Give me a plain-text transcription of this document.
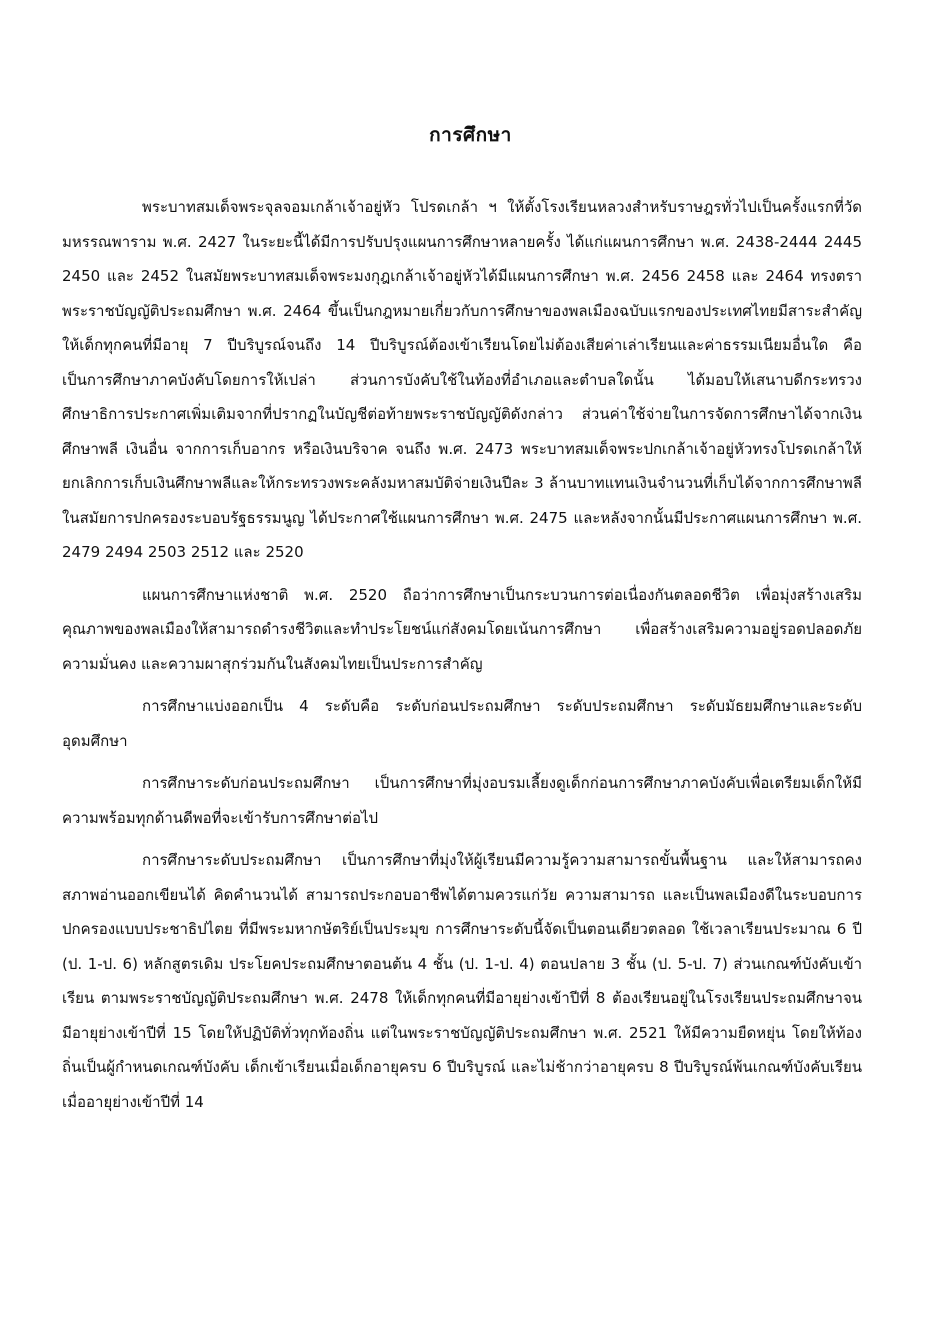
การศึกษา

พระบาทสมเด็จพระจุลจอมเกล้าเจ้าอยู่หัว โปรดเกล้า ฯ ให้ตั้งโรงเรียนหลวงสำหรับราษฎรทั่วไปเป็นครั้งแรกที่วัดมหรรณพาราม พ.ศ. 2427 ในระยะนี้ได้มีการปรับปรุงแผนการศึกษาหลายครั้ง ได้แก่แผนการศึกษา พ.ศ. 2438-2444 2445 2450 และ 2452 ในสมัยพระบาทสมเด็จพระมงกุฎเกล้าเจ้าอยู่หัวได้มีแผนการศึกษา พ.ศ. 2456 2458 และ 2464 ทรงตราพระราชบัญญัติประถมศึกษา พ.ศ. 2464 ขึ้นเป็นกฎหมายเกี่ยวกับการศึกษาของพลเมืองฉบับแรกของประเทศไทยมีสาระสำคัญให้เด็กทุกคนที่มีอายุ 7 ปีบริบูรณ์จนถึง 14 ปีบริบูรณ์ต้องเข้าเรียนโดยไม่ต้องเสียค่าเล่าเรียนและค่าธรรมเนียมอื่นใด คือ เป็นการศึกษาภาคบังคับโดยการให้เปล่า ส่วนการบังคับใช้ในท้องที่อำเภอและตำบลใดนั้น ได้มอบให้เสนาบดีกระทรวงศึกษาธิการประกาศเพิ่มเติมจากที่ปรากฏในบัญชีต่อท้ายพระราชบัญญัติดังกล่าว ส่วนค่าใช้จ่ายในการจัดการศึกษาได้จากเงินศึกษาพลี เงินอื่น จากการเก็บอากร หรือเงินบริจาค จนถึง พ.ศ. 2473 พระบาทสมเด็จพระปกเกล้าเจ้าอยู่หัวทรงโปรดเกล้าให้ยกเลิกการเก็บเงินศึกษาพลีและให้กระทรวงพระคลังมหาสมบัติจ่ายเงินปีละ 3 ล้านบาทแทนเงินจำนวนที่เก็บได้จากการศึกษาพลี ในสมัยการปกครองระบอบรัฐธรรมนูญ ได้ประกาศใช้แผนการศึกษา พ.ศ. 2475 และหลังจากนั้นมีประกาศแผนการศึกษา พ.ศ. 2479 2494 2503 2512 และ 2520

แผนการศึกษาแห่งชาติ พ.ศ. 2520 ถือว่าการศึกษาเป็นกระบวนการต่อเนื่องกันตลอดชีวิต เพื่อมุ่งสร้างเสริมคุณภาพของพลเมืองให้สามารถดำรงชีวิตและทำประโยชน์แก่สังคมโดยเน้นการศึกษา เพื่อสร้างเสริมความอยู่รอดปลอดภัย ความมั่นคง และความผาสุกร่วมกันในสังคมไทยเป็นประการสำคัญ

การศึกษาแบ่งออกเป็น 4 ระดับคือ ระดับก่อนประถมศึกษา ระดับประถมศึกษา ระดับมัธยมศึกษาและระดับอุดมศึกษา

การศึกษาระดับก่อนประถมศึกษา เป็นการศึกษาที่มุ่งอบรมเลี้ยงดูเด็กก่อนการศึกษาภาคบังคับเพื่อเตรียมเด็กให้มีความพร้อมทุกด้านดีพอที่จะเข้ารับการศึกษาต่อไป

การศึกษาระดับประถมศึกษา เป็นการศึกษาที่มุ่งให้ผู้เรียนมีความรู้ความสามารถขั้นพื้นฐาน และให้สามารถคงสภาพอ่านออกเขียนได้ คิดคำนวนได้ สามารถประกอบอาชีพได้ตามควรแก่วัย ความสามารถ และเป็นพลเมืองดีในระบอบการปกครองแบบประชาธิปไตย ที่มีพระมหากษัตริย์เป็นประมุข การศึกษาระดับนี้จัดเป็นตอนเดียวตลอด ใช้เวลาเรียนประมาณ 6 ปี (ป. 1-ป. 6) หลักสูตรเดิม ประโยคประถมศึกษาตอนต้น 4 ชั้น (ป. 1-ป. 4) ตอนปลาย 3 ชั้น (ป. 5-ป. 7) ส่วนเกณฑ์บังคับเข้าเรียน ตามพระราชบัญญัติประถมศึกษา พ.ศ. 2478 ให้เด็กทุกคนที่มีอายุย่างเข้าปีที่ 8 ต้องเรียนอยู่ในโรงเรียนประถมศึกษาจนมีอายุย่างเข้าปีที่ 15 โดยให้ปฏิบัติทั่วทุกท้องถิ่น แต่ในพระราชบัญญัติประถมศึกษา พ.ศ. 2521 ให้มีความยืดหยุ่น โดยให้ท้องถิ่นเป็นผู้กำหนดเกณฑ์บังคับ เด็กเข้าเรียนเมื่อเด็กอายุครบ 6 ปีบริบูรณ์ และไม่ช้ากว่าอายุครบ 8 ปีบริบูรณ์พ้นเกณฑ์บังคับเรียน เมื่ออายุย่างเข้าปีที่ 14
